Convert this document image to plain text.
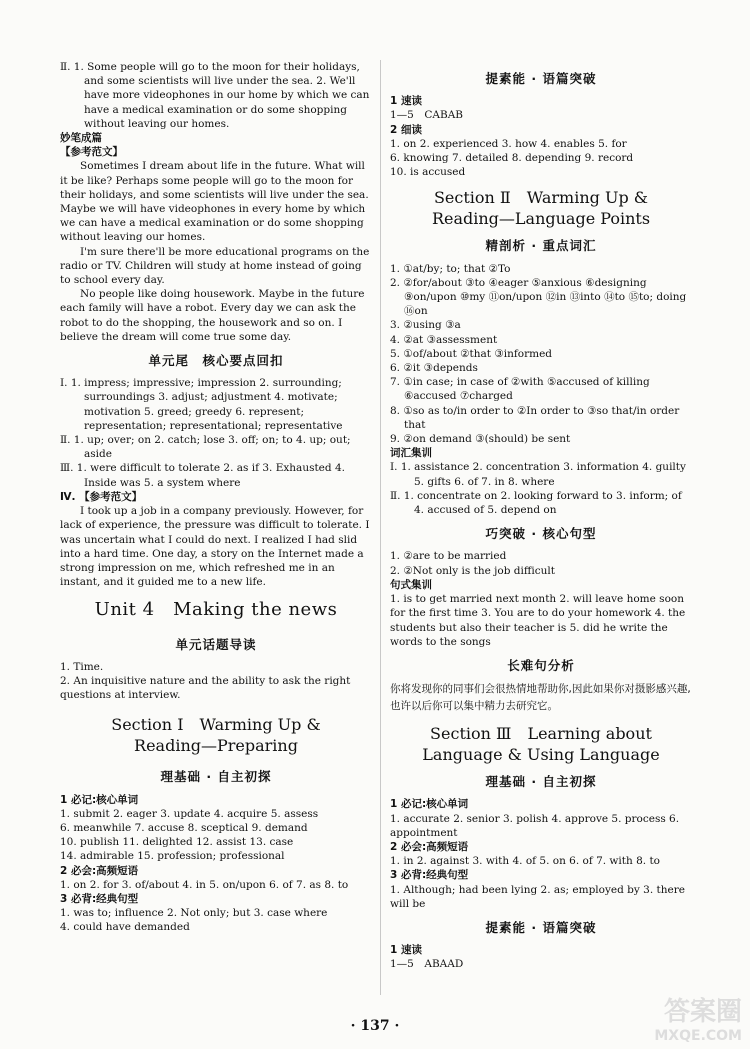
Ⅱ. 1. Some people will go to the moon for their holidays, and some scientists will live under the sea. 2. We'll have more videophones in our home by which we can have a medical examination or do some shopping without leaving our homes.

妙笔成篇

【参考范文】

Sometimes I dream about life in the future. What will it be like? Perhaps some people will go to the moon for their holidays, and some scientists will live under the sea. Maybe we will have videophones in every home by which we can have a medical examination or do some shopping without leaving our homes.

I'm sure there'll be more educational programs on the radio or TV. Children will study at home instead of going to school every day.

No people like doing housework. Maybe in the future each family will have a robot. Every day we can ask the robot to do the shopping, the housework and so on. I believe the dream will come true some day.

单元尾　核心要点回扣

Ⅰ. 1. impress; impressive; impression 2. surrounding; surroundings 3. adjust; adjustment 4. motivate; motivation 5. greed; greedy 6. represent; representation; representational; representative

Ⅱ. 1. up; over; on 2. catch; lose 3. off; on; to 4. up; out; aside

Ⅲ. 1. were difficult to tolerate 2. as if 3. Exhausted 4. Inside was 5. a system where

Ⅳ. 【参考范文】

I took up a job in a company previously. However, for lack of experience, the pressure was difficult to tolerate. I was uncertain what I could do next. I realized I had slid into a hard time. One day, a story on the Internet made a strong impression on me, which refreshed me in an instant, and it guided me to a new life.

Unit 4　Making the news
单元话题导读

1. Time.

2. An inquisitive nature and the ability to ask the right questions at interview.

Section Ⅰ　Warming Up &
Reading—Preparing
理基础 · 自主初探

1 必记:核心单词

1. submit 2. eager 3. update 4. acquire 5. assess

6. meanwhile 7. accuse 8. sceptical 9. demand

10. publish 11. delighted 12. assist 13. case

14. admirable 15. profession; professional

2 必会:高频短语

1. on 2. for 3. of/about 4. in 5. on/upon 6. of 7. as 8. to

3 必背:经典句型

1. was to; influence 2. Not only; but 3. case where

4. could have demanded

提素能 · 语篇突破

1 速读

1—5　CABAB

2 细读

1. on 2. experienced 3. how 4. enables 5. for

6. knowing 7. detailed 8. depending 9. record

10. is accused

Section Ⅱ　Warming Up &
Reading—Language Points
精剖析 · 重点词汇

1. ①at/by; to; that ②To

2. ②for/about ③to ④eager ⑤anxious ⑥designing ⑨on/upon ⑩my ⑪on/upon ⑫in ⑬into ⑭to ⑮to; doing ⑯on

3. ②using ③a

4. ②at ③assessment

5. ①of/about ②that ③informed

6. ②it ③depends

7. ①in case; in case of ②with ⑤accused of killing ⑥accused ⑦charged

8. ①so as to/in order to ②In order to ③so that/in order that

9. ②on demand ③(should) be sent

词汇集训

Ⅰ. 1. assistance 2. concentration 3. information 4. guilty 5. gifts 6. of 7. in 8. where

Ⅱ. 1. concentrate on 2. looking forward to 3. inform; of 4. accused of 5. depend on

巧突破 · 核心句型

1. ②are to be married

2. ②Not only is the job difficult

句式集训

1. is to get married next month 2. will leave home soon for the first time 3. You are to do your homework 4. the students but also their teacher is 5. did he write the words to the songs

长难句分析

你将发现你的同事们会很热情地帮助你,因此如果你对摄影感兴趣,也许以后你可以集中精力去研究它。

Section Ⅲ　Learning about
Language & Using Language
理基础 · 自主初探

1 必记:核心单词

1. accurate 2. senior 3. polish 4. approve 5. process 6. appointment

2 必会:高频短语

1. in 2. against 3. with 4. of 5. on 6. of 7. with 8. to

3 必背:经典句型

1. Although; had been lying 2. as; employed by 3. there will be

提素能 · 语篇突破

1 速读

1—5　ABAAD

· 137 ·	答案圈
MXQE.COM
